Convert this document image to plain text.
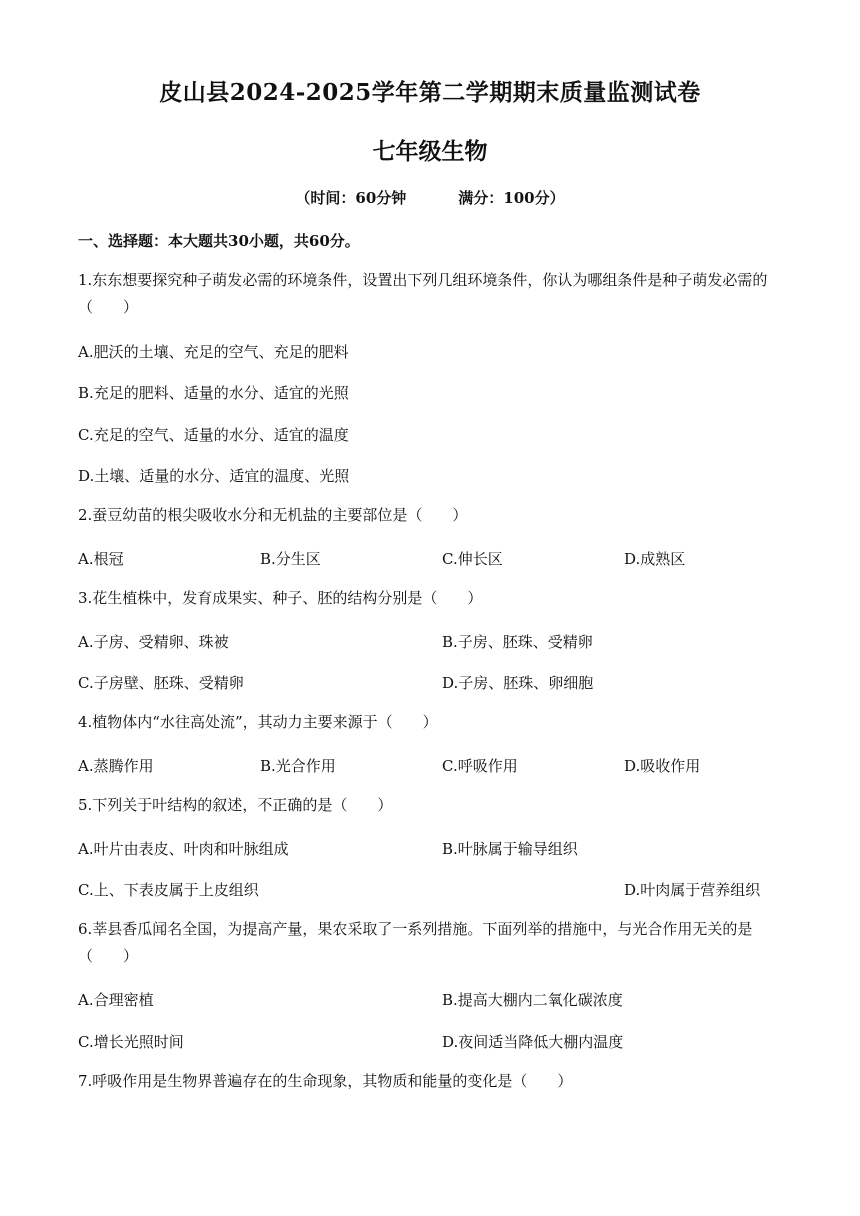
皮山县2024-2025学年第二学期期末质量监测试卷
七年级生物
（时间：60分钟	满分：100分）
一、选择题：本大题共30小题，共60分。
1.东东想要探究种子萌发必需的环境条件，设置出下列几组环境条件，你认为哪组条件是种子萌发必需的（　　）
A.肥沃的土壤、充足的空气、充足的肥料
B.充足的肥料、适量的水分、适宜的光照
C.充足的空气、适量的水分、适宜的温度
D.土壤、适量的水分、适宜的温度、光照
2.蚕豆幼苗的根尖吸收水分和无机盐的主要部位是（　　）
A.根冠	B.分生区	C.伸长区	D.成熟区
3.花生植株中，发育成果实、种子、胚的结构分别是（　　）
A.子房、受精卵、珠被	B.子房、胚珠、受精卵
C.子房壁、胚珠、受精卵	D.子房、胚珠、卵细胞
4.植物体内“水往高处流”，其动力主要来源于（　　）
A.蒸腾作用	B.光合作用	C.呼吸作用	D.吸收作用
5.下列关于叶结构的叙述，不正确的是（　　）
A.叶片由表皮、叶肉和叶脉组成	B.叶脉属于输导组织
C.上、下表皮属于上皮组织	D.叶肉属于营养组织
6.莘县香瓜闻名全国，为提高产量，果农采取了一系列措施。下面列举的措施中，与光合作用无关的是（　　）
A.合理密植	B.提高大棚内二氧化碳浓度
C.增长光照时间	D.夜间适当降低大棚内温度
7.呼吸作用是生物界普遍存在的生命现象，其物质和能量的变化是（　　）
